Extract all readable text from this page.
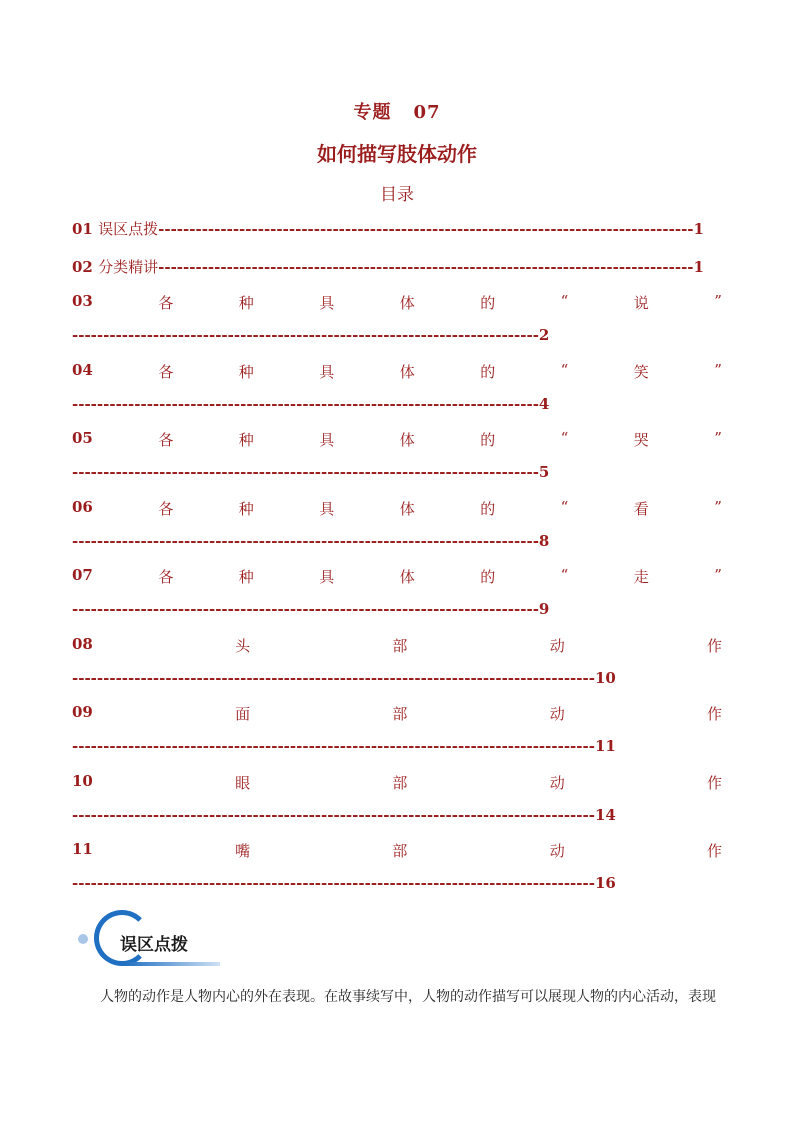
专题 07
如何描写肢体动作
目录
01 误区点拨--------------------------------------------------------------------------------------1
02 分类精讲--------------------------------------------------------------------------------------1
03	各	种	具	体	的	“	说	”
---------------------------------------------------------------------------2
04	各	种	具	体	的	“	笑	”
---------------------------------------------------------------------------4
05	各	种	具	体	的	“	哭	”
---------------------------------------------------------------------------5
06	各	种	具	体	的	“	看	”
---------------------------------------------------------------------------8
07	各	种	具	体	的	“	走	”
---------------------------------------------------------------------------9
08	头	部	动	作
------------------------------------------------------------------------------------10
09	面	部	动	作
------------------------------------------------------------------------------------11
10	眼	部	动	作
------------------------------------------------------------------------------------14
11	嘴	部	动	作
------------------------------------------------------------------------------------16
误区点拨
人物的动作是人物内心的外在表现。在故事续写中，人物的动作描写可以展现人物的内心活动，表现
